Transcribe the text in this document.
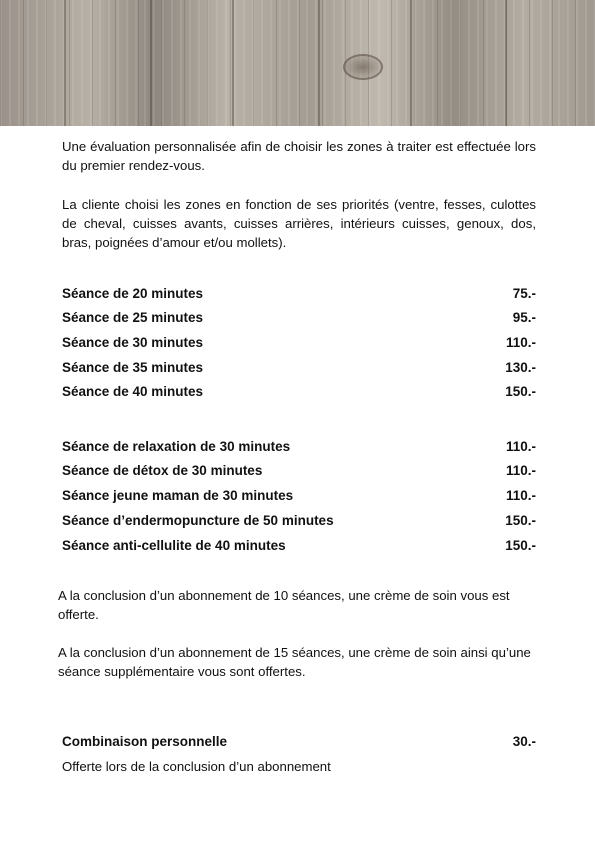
Une évaluation personnalisée afin de choisir les zones à traiter est effectuée lors du premier rendez-vous.

La cliente choisi les zones en fonction de ses priorités (ventre, fesses, culottes de cheval, cuisses avants, cuisses arrières, intérieurs cuisses, genoux, dos, bras, poignées d’amour et/ou mollets).

Séance de 20 minutes	75.-
Séance de 25 minutes	95.-
Séance de 30 minutes	110.-
Séance de 35 minutes	130.-
Séance de 40 minutes	150.-
Séance de relaxation de 30 minutes	110.-
Séance de détox de 30 minutes	110.-
Séance jeune maman de 30 minutes	110.-
Séance d’endermopuncture de 50 minutes	150.-
Séance anti-cellulite de 40 minutes	150.-

A la conclusion d’un abonnement de 10 séances, une crème de soin vous est offerte.

A la conclusion d’un abonnement de 15 séances, une crème de soin ainsi qu’une séance supplémentaire vous sont offertes.

Combinaison personnelle	30.-

Offerte lors de la conclusion d’un abonnement
